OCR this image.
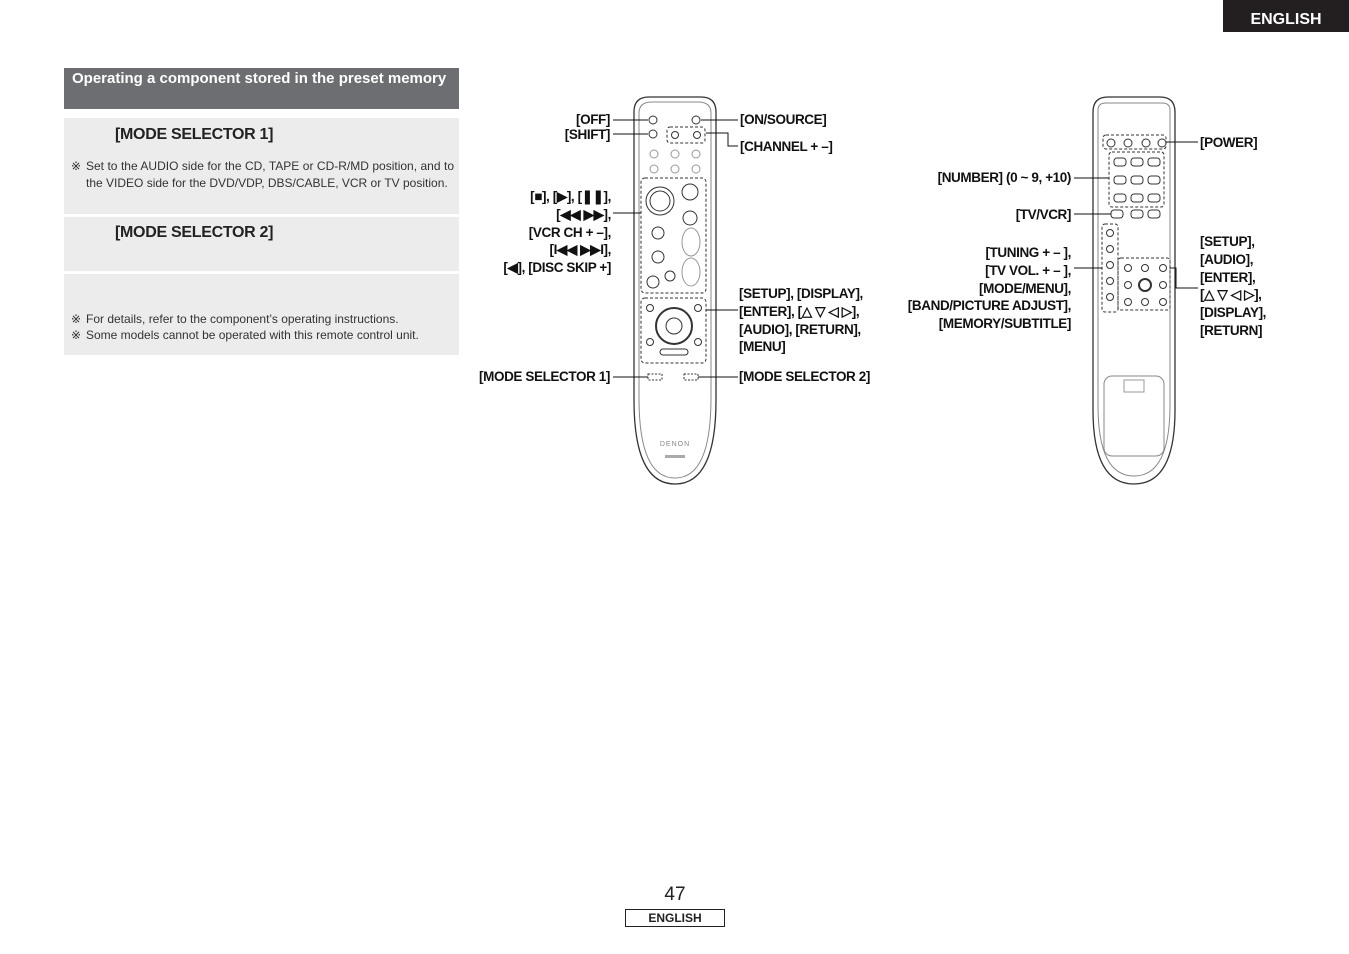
ENGLISH
Operating a component stored in the preset memory
[MODE SELECTOR 1]
※ Set to the AUDIO side for the CD, TAPE or CD-R/MD position, and to the VIDEO side for the DVD/VDP, DBS/CABLE, VCR or TV position.
[MODE SELECTOR 2]
※ For details, refer to the component’s operating instructions.
※ Some models cannot be operated with this remote control unit.
[OFF]
[SHIFT]
[ON/SOURCE]
[CHANNEL + –]
[■], [▶], [❚❚],
[◀◀ ▶▶],
[VCR CH + –],
[I◀◀ ▶▶I],
[◀], [DISC SKIP +]
[SETUP], [DISPLAY],
[ENTER], [△ ▽ ◁ ▷],
[AUDIO], [RETURN],
[MENU]
[MODE SELECTOR 1]	[MODE SELECTOR 2]
DENON
[POWER]
[NUMBER] (0 ~ 9, +10)
[TV/VCR]
[TUNING + – ],
[TV VOL. + – ],
[MODE/MENU],
[BAND/PICTURE ADJUST],
[MEMORY/SUBTITLE]
[SETUP],
[AUDIO],
[ENTER],
[△ ▽ ◁ ▷],
[DISPLAY],
[RETURN]
47
ENGLISH
